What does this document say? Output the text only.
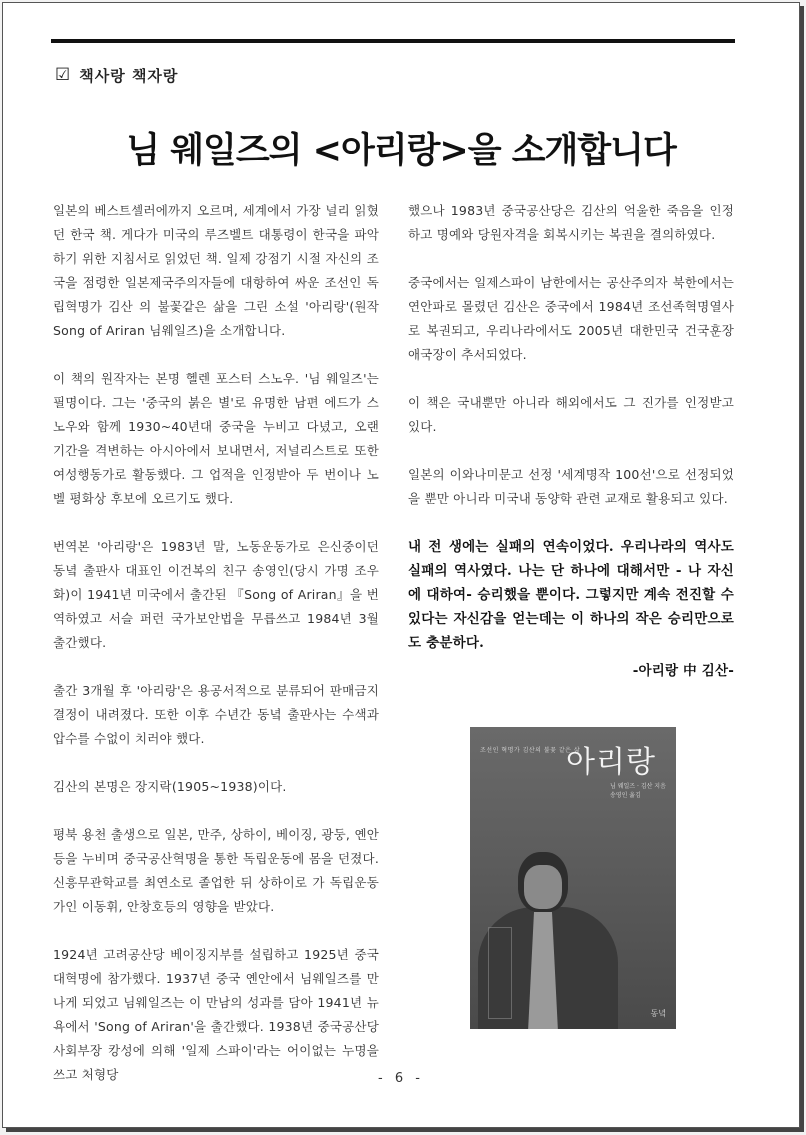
☑ 책사랑 책자랑
님 웨일즈의 <아리랑>을 소개합니다

일본의 베스트셀러에까지 오르며, 세계에서 가장 널리 읽혔던 한국 책. 게다가 미국의 루즈벨트 대통령이 한국을 파악하기 위한 지침서로 읽었던 책. 일제 강점기 시절 자신의 조국을 점령한 일본제국주의자들에 대항하여 싸운 조선인 독립혁명가 김산 의 불꽃같은 삶을 그린 소설 '아리랑'(원작 Song of Ariran 님웨일즈)을 소개합니다.

이 책의 원작자는 본명 헬렌 포스터 스노우. '님 웨일즈'는 필명이다. 그는 '중국의 붉은 별'로 유명한 남편 에드가 스노우와 함께 1930~40년대 중국을 누비고 다녔고, 오랜 기간을 격변하는 아시아에서 보내면서, 저널리스트로 또한 여성행동가로 활동했다. 그 업적을 인정받아 두 번이나 노벨 평화상 후보에 오르기도 했다.

번역본 '아리랑'은 1983년 말, 노동운동가로 은신중이던 동녘 출판사 대표인 이건복의 친구 송영인(당시 가명 조우화)이 1941년 미국에서 출간된 『Song of Ariran』을 번역하였고 서슬 퍼런 국가보안법을 무릅쓰고 1984년 3월 출간했다.

출간 3개월 후 '아리랑'은 용공서적으로 분류되어 판매금지 결정이 내려졌다. 또한 이후 수년간 동녘 출판사는 수색과 압수를 수없이 치러야 했다.

김산의 본명은 장지락(1905~1938)이다.

평북 용천 출생으로 일본, 만주, 상하이, 베이징, 광둥, 옌안 등을 누비며 중국공산혁명을 통한 독립운동에 몸을 던졌다. 신흥무관학교를 최연소로 졸업한 뒤 상하이로 가 독립운동가인 이동휘, 안창호등의 영향을 받았다.

1924년 고려공산당 베이징지부를 설립하고 1925년 중국대혁명에 참가했다. 1937년 중국 옌안에서 님웨일즈를 만나게 되었고 님웨일즈는 이 만남의 성과를 담아 1941년 뉴욕에서 'Song of Ariran'을 출간했다. 1938년 중국공산당 사회부장 캉성에 의해 '일제 스파이'라는 어이없는 누명을 쓰고 처형당

했으나 1983년 중국공산당은 김산의 억울한 죽음을 인정하고 명예와 당원자격을 회복시키는 복권을 결의하였다.

중국에서는 일제스파이 남한에서는 공산주의자 북한에서는 연안파로 몰렸던 김산은 중국에서 1984년 조선족혁명열사로 복권되고, 우리나라에서도 2005년 대한민국 건국훈장 애국장이 추서되었다.

이 책은 국내뿐만 아니라 해외에서도 그 진가를 인정받고 있다.

일본의 이와나미문고 선정 '세계명작 100선'으로 선정되었을 뿐만 아니라 미국내 동양학 관련 교재로 활용되고 있다.

내 전 생에는 실패의 연속이었다. 우리나라의 역사도 실패의 역사였다. 나는 단 하나에 대해서만 - 나 자신에 대하여- 승리했을 뿐이다. 그렇지만 계속 전진할 수 있다는 자신감을 얻는데는 이 하나의 작은 승리만으로도 충분하다.
-아리랑 中 김산-
조선인 혁명가 김산의 불꽃 같은 삶
아리랑
님 웨일즈 · 김산 지음
송영인 옮김
동녘
- 6 -
